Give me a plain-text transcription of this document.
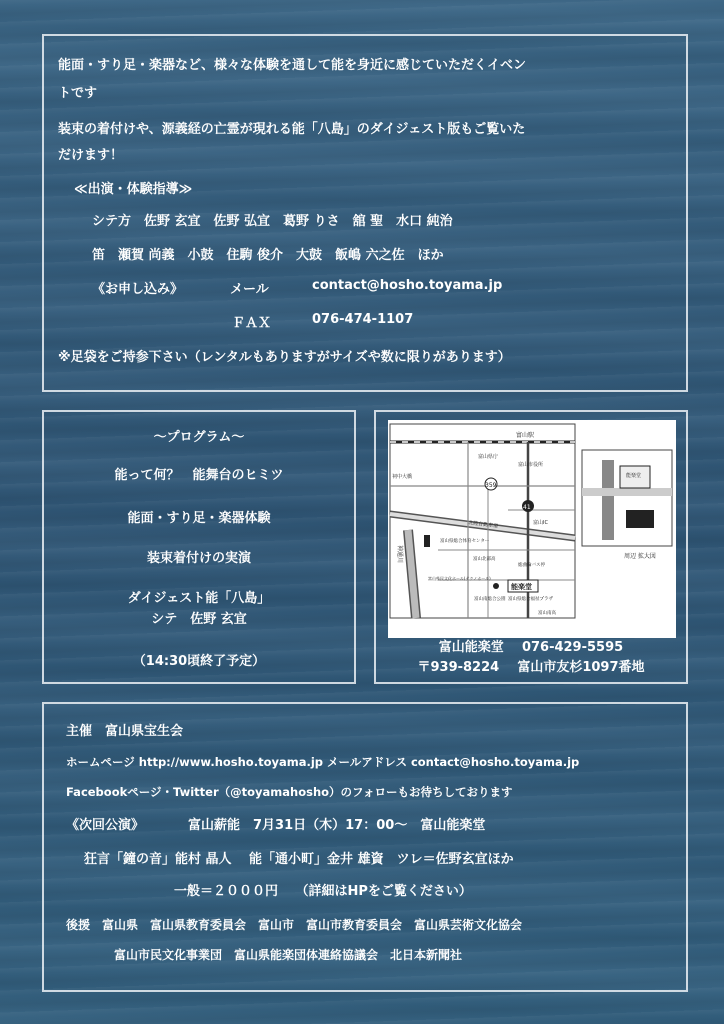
能面・すり足・楽器など、様々な体験を通して能を身近に感じていただくイベン
トです
装束の着付けや、源義経の亡霊が現れる能「八島」のダイジェスト版もご覧いた
だけます！
≪出演・体験指導≫
シテ方　佐野 玄宜　佐野 弘宜　葛野 りさ　舘 聖　水口 純治
笛　瀬賀 尚義　小鼓　住駒 俊介　大鼓　飯嶋 六之佐　ほか
《お申し込み》	メール	contact@hosho.toyama.jp
ＦＡＸ	076-474-1107
※足袋をご持参下さい（レンタルもありますがサイズや数に限りがあります）
～プログラム～
能って何？　能舞台のヒミツ
能面・すり足・楽器体験
装束着付けの実演
ダイジェスト能「八島」
シテ　佐野 玄宜
（14:30頃終了予定）
富山駅
北陸自動車道
神通川
359
41
富山県庁
富山市役所
祠中大橋
富山IC
富山県総合体育センター
富山北部高
総曲輪バス停
富山県民文化ホール(テクノホール)
能楽堂
富山南総合公園 富山県総合福祉プラザ
富山南高
能楽堂
周辺 拡大図
富山能楽堂 076-429-5595
〒939-8224 富山市友杉1097番地
主催　富山県宝生会
ホームページ http://www.hosho.toyama.jp メールアドレス contact@hosho.toyama.jp
Facebookページ・Twitter（@toyamahosho）のフォローもお待ちしております
《次回公演》	富山薪能　7月31日（木）17：00～　富山能楽堂
狂言「鐘の音」能村 晶人　 能「通小町」金井 雄資　ツレ＝佐野玄宜ほか
一般＝２０００円　 （詳細はHPをご覧ください）
後援　富山県　富山県教育委員会　富山市　富山市教育委員会　富山県芸術文化協会
富山市民文化事業団　富山県能楽団体連絡協議会　北日本新聞社
